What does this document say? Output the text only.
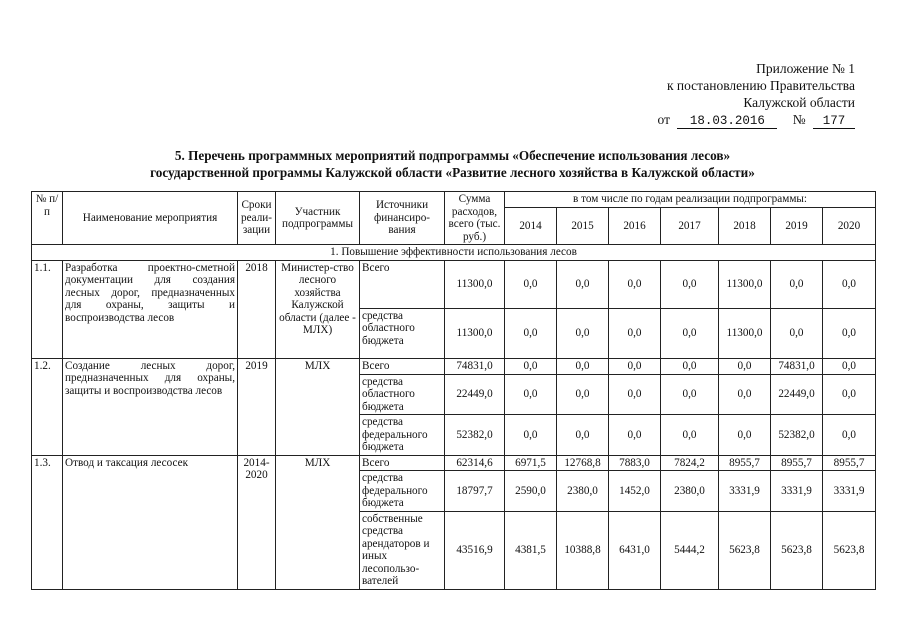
Приложение № 1
к постановлению Правительства
Калужской области
от 18.03.2016 № 177
5. Перечень программных мероприятий подпрограммы «Обеспечение использования лесов»
государственной программы Калужской области «Развитие лесного хозяйства в Калужской области»
№ п/п	Наименование мероприятия	Сроки реали-зации	Участник подпрограммы	Источники финансиро-вания	Сумма расходов, всего (тыс. руб.)	в том числе по годам реализации подпрограммы:						
						2014	2015	2016	2017	2018	2019	2020
1. Повышение эффективности использования лесов												
1.1.	Разработка проектно-сметной документации для создания лесных дорог, предназначенных для охраны, защиты и воспроизводства лесов	2018	Министер-ство лесного хозяйства Калужской области (далее - МЛХ)	Всего	11300,0	0,0	0,0	0,0	0,0	11300,0	0,0	0,0
				средства областного бюджета	11300,0	0,0	0,0	0,0	0,0	11300,0	0,0	0,0
1.2.	Создание лесных дорог, предназначенных для охраны, защиты и воспроизводства лесов	2019	МЛХ	Всего	74831,0	0,0	0,0	0,0	0,0	0,0	74831,0	0,0
				средства областного бюджета	22449,0	0,0	0,0	0,0	0,0	0,0	22449,0	0,0
				средства федерального бюджета	52382,0	0,0	0,0	0,0	0,0	0,0	52382,0	0,0
1.3.	Отвод и таксация лесосек	2014-2020	МЛХ	Всего	62314,6	6971,5	12768,8	7883,0	7824,2	8955,7	8955,7	8955,7
				средства федерального бюджета	18797,7	2590,0	2380,0	1452,0	2380,0	3331,9	3331,9	3331,9
				собственные средства арендаторов и иных лесопользо-вателей	43516,9	4381,5	10388,8	6431,0	5444,2	5623,8	5623,8	5623,8
